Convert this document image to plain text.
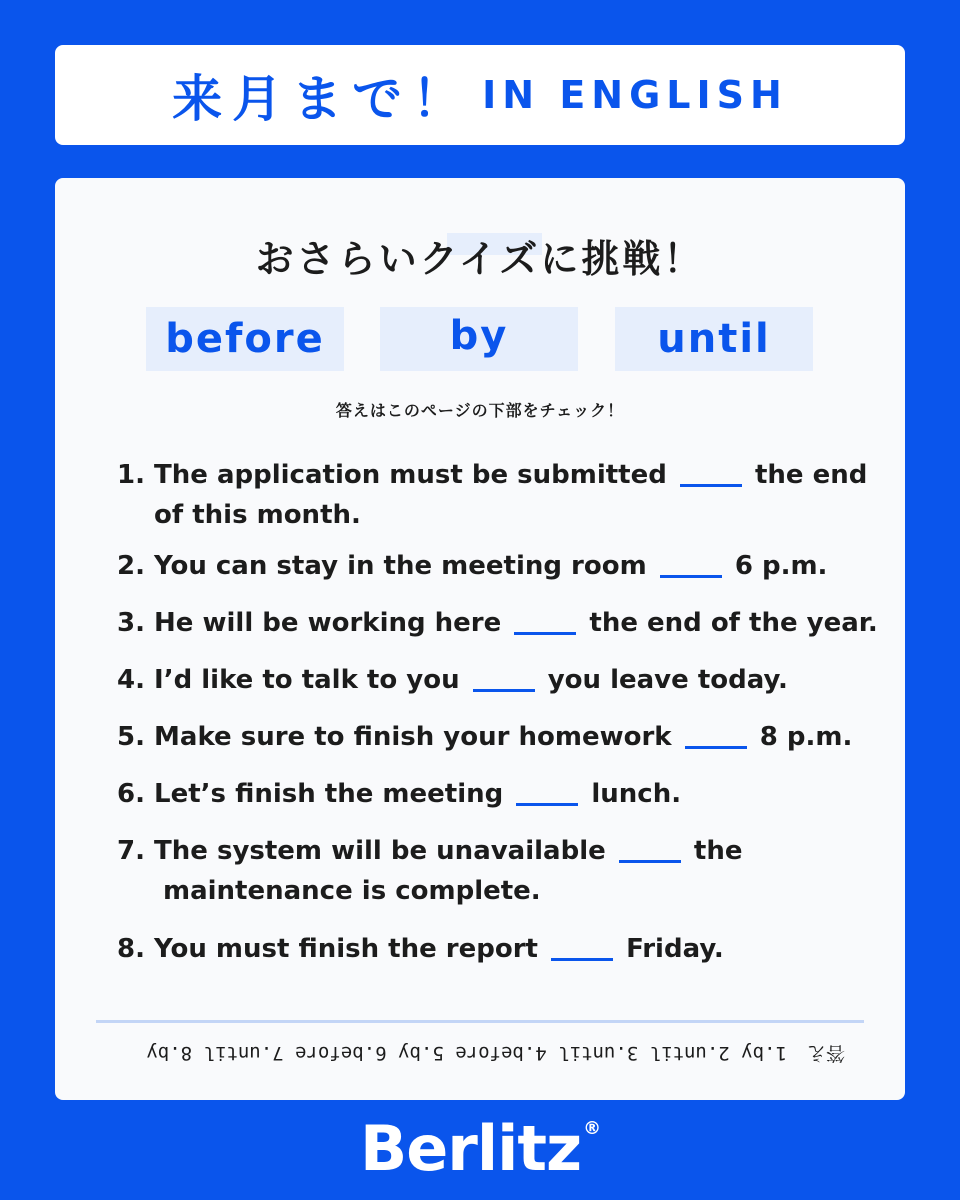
来月まで！ IN ENGLISH
おさらいクイズに挑戦！
before	by	until
答えはこのページの下部をチェック！
1. The application must be submitted	the end
of this month.
2. You can stay in the meeting room	6 p.m.
3. He will be working here	the end of the year.
4. I’d like to talk to you	you leave today.
5. Make sure to finish your homework	8 p.m.
6. Let’s finish the meeting	lunch.
7. The system will be unavailable	the
maintenance is complete.
8. You must finish the report	Friday.
答え1.by 2.until 3.until 4.before 5.by 6.before 7.until 8.by
Berlitz ®
